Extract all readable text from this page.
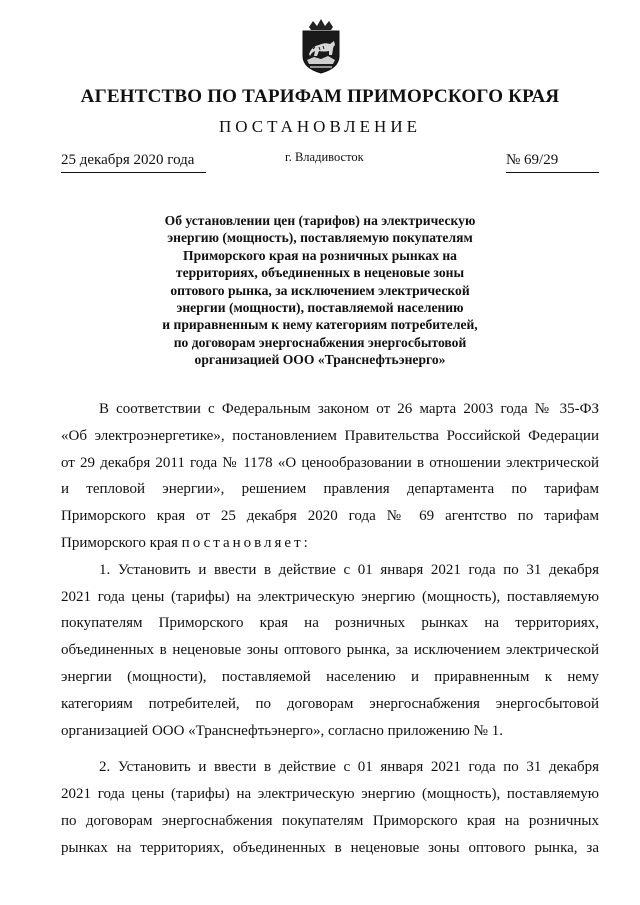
АГЕНТСТВО ПО ТАРИФАМ ПРИМОРСКОГО КРАЯ
ПОСТАНОВЛЕНИЕ
25 декабря 2020 года	г. Владивосток	№ 69/29
Об установлении цен (тарифов) на электрическую
энергию (мощность), поставляемую покупателям
Приморского края на розничных рынках на
территориях, объединенных в неценовые зоны
оптового рынка, за исключением электрической
энергии (мощности), поставляемой населению
и приравненным к нему категориям потребителей,
по договорам энергоснабжения энергосбытовой
организацией ООО «Транснефтьэнерго»
В соответствии с Федеральным законом от 26 марта 2003 года № 35-ФЗ
«Об электроэнергетике», постановлением Правительства Российской Федерации
от 29 декабря 2011 года № 1178 «О ценообразовании в отношении электрической
и тепловой энергии», решением правления департамента по тарифам
Приморского края от 25 декабря 2020 года № 69 агентство по тарифам
Приморского края постановляет:
1. Установить и ввести в действие с 01 января 2021 года по 31 декабря
2021 года цены (тарифы) на электрическую энергию (мощность), поставляемую
покупателям Приморского края на розничных рынках на территориях,
объединенных в неценовые зоны оптового рынка, за исключением электрической
энергии (мощности), поставляемой населению и приравненным к нему
категориям потребителей, по договорам энергоснабжения энергосбытовой
организацией ООО «Транснефтьэнерго», согласно приложению № 1.
2. Установить и ввести в действие с 01 января 2021 года по 31 декабря
2021 года цены (тарифы) на электрическую энергию (мощность), поставляемую
по договорам энергоснабжения покупателям Приморского края на розничных
рынках на территориях, объединенных в неценовые зоны оптового рынка, за
